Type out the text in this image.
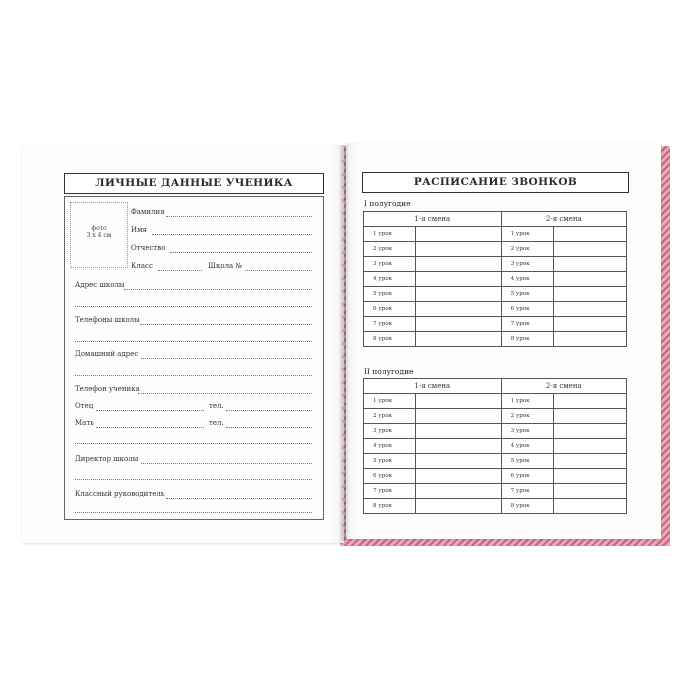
ЛИЧНЫЕ ДАННЫЕ УЧЕНИКА
фото
3 х 4 см
Фамилия
Имя
Отчество
Класс	Школа №
Адрес школы
Телефоны школы
Домашний адрес
Телефон ученика
Отец	тел.
Мать	тел.
Директор школы
Классный руководитель
РАСПИСАНИЕ ЗВОНКОВ
I полугодие
1-я смена		2-я смена	
1 урок		1 урок	
2 урок		2 урок	
3 урок		3 урок	
4 урок		4 урок	
5 урок		5 урок	
6 урок		6 урок	
7 урок		7 урок	
8 урок		8 урок	
II полугодие
1-я смена		2-я смена	
1 урок		1 урок	
2 урок		2 урок	
3 урок		3 урок	
4 урок		4 урок	
5 урок		5 урок	
6 урок		6 урок	
7 урок		7 урок	
8 урок		8 урок	
